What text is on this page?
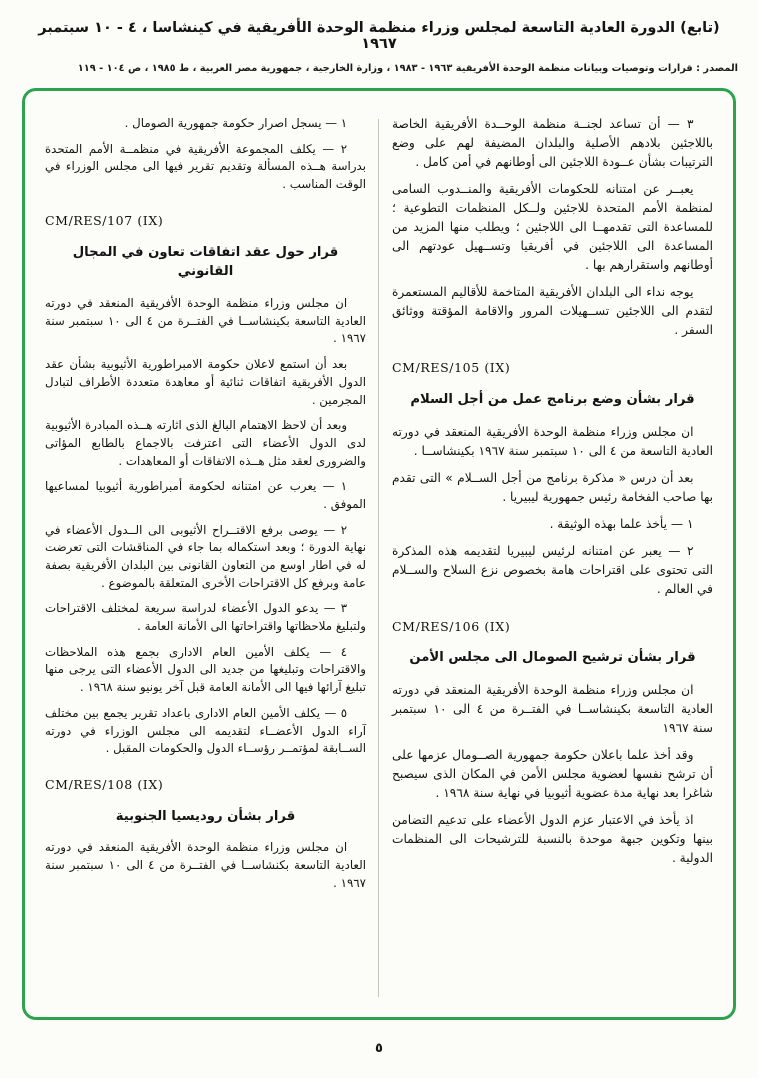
(تابع) الدورة العادية التاسعة لمجلس وزراء منظمة الوحدة الأفريقية في كينشاسا ، ٤ - ١٠ سبتمبر ١٩٦٧
المصدر : قرارات وتوصيات وبيانات منظمة الوحدة الأفريقية ١٩٦٣ - ١٩٨٣ ، وزارة الخارجية ، جمهورية مصر العربية ، ط ١٩٨٥ ، ص ١٠٤ - ١١٩

٣ — أن تساعد لجنــة منظمة الوحــدة الأفريقية الخاصة باللاجئين بلادهم الأصلية والبلدان المضيفة لهم على وضع الترتيبات بشأن عــودة اللاجئين الى أوطانهم في أمن كامل .

يعبــر عن امتنانه للحكومات الأفريقية والمنــدوب السامى لمنظمة الأمم المتحدة للاجئين ولــكل المنظمات التطوعية ؛ للمساعدة التى تقدمهــا الى اللاجئين ؛ ويطلب منها المزيد من المساعدة الى اللاجئين في أفريقيا وتســهيل عودتهم الى أوطانهم واستقرارهم بها .

يوجه نداء الى البلدان الأفريقية المتاخمة للأقاليم المستعمرة لتقدم الى اللاجئين تســهيلات المرور والاقامة المؤقتة ووثائق السفر .

CM/RES/105 (IX)
قرار بشأن وضع برنامج عمل من أجل السلام

ان مجلس وزراء منظمة الوحدة الأفريقية المنعقد في دورته العادية التاسعة من ٤ الى ١٠ سبتمبر سنة ١٩٦٧ بكينشاســا .

بعد أن درس « مذكرة برنامج من أجل الســلام » التى تقدم بها صاحب الفخامة رئيس جمهورية ليبيريا .

١ — يأخذ علما بهذه الوثيقة .

٢ — يعبر عن امتنانه لرئيس ليبيريا لتقديمه هذه المذكرة التى تحتوى على اقتراحات هامة بخصوص نزع السلاح والســلام في العالم .

CM/RES/106 (IX)
قرار بشأن ترشيح الصومال الى مجلس الأمن

ان مجلس وزراء منظمة الوحدة الأفريقية المنعقد في دورته العادية التاسعة بكينشاســا في الفتــرة من ٤ الى ١٠ سبتمبر سنة ١٩٦٧

وقد أخذ علما باعلان حكومة جمهورية الصــومال عزمها على أن ترشح نفسها لعضوية مجلس الأمن في المكان الذى سيصبح شاغرا بعد نهاية مدة عضوية أثيوبيا في نهاية سنة ١٩٦٨ .

اذ يأخذ في الاعتبار عزم الدول الأعضاء على تدعيم التضامن بينها وتكوين جبهة موحدة بالنسبة للترشيحات الى المنظمات الدولية .

١ — يسجل اصرار حكومة جمهورية الصومال .

٢ — يكلف المجموعة الأفريقية في منظمــة الأمم المتحدة بدراسة هــذه المسألة وتقديم تقرير فيها الى مجلس الوزراء في الوقت المناسب .

CM/RES/107 (IX)
قرار حول عقد اتفاقات تعاون في المجال القانوني

ان مجلس وزراء منظمة الوحدة الأفريقية المنعقد في دورته العادية التاسعة بكينشاســا في الفتــرة من ٤ الى ١٠ سبتمبر سنة ١٩٦٧ .

بعد أن استمع لاعلان حكومة الامبراطورية الأثيوبية بشأن عقد الدول الأفريقية اتفاقات ثنائية أو معاهدة متعددة الأطراف لتبادل المجرمين .

وبعد أن لاحظ الاهتمام البالغ الذى اثارته هــذه المبادرة الأثيوبية لدى الدول الأعضاء التى اعترفت بالاجماع بالطابع المؤاتى والضرورى لعقد مثل هــذه الاتفاقات أو المعاهدات .

١ — يعرب عن امتنانه لحكومة أمبراطورية أثيوبيا لمساعيها الموفق .

٢ — يوصى برفع الاقتــراح الأثيوبى الى الــدول الأعضاء في نهاية الدورة ؛ وبعد استكماله بما جاء في المناقشات التى تعرضت له في اطار اوسع من التعاون القانونى بين البلدان الأفريقية بصفة عامة وبرفع كل الاقتراحات الأخرى المتعلقة بالموضوع .

٣ — يدعو الدول الأعضاء لدراسة سريعة لمختلف الاقتراحات ولتبليغ ملاحظاتها واقتراحاتها الى الأمانة العامة .

٤ — يكلف الأمين العام الادارى بجمع هذه الملاحظات والاقتراحات وتبليغها من جديد الى الدول الأعضاء التى يرجى منها تبليغ آرائها فيها الى الأمانة العامة قبل آخر يونيو سنة ١٩٦٨ .

٥ — يكلف الأمين العام الادارى باعداد تقرير يجمع بين مختلف آراء الدول الأعضــاء لتقديمه الى مجلس الوزراء في دورته الســابقة لمؤتمــر رؤســاء الدول والحكومات المقبل .

CM/RES/108 (IX)
قرار بشأن روديسيا الجنوبية

ان مجلس وزراء منظمة الوحدة الأفريقية المنعقد في دورته العادية التاسعة بكنشاســا في الفتــرة من ٤ الى ١٠ سبتمبر سنة ١٩٦٧ .

٥
